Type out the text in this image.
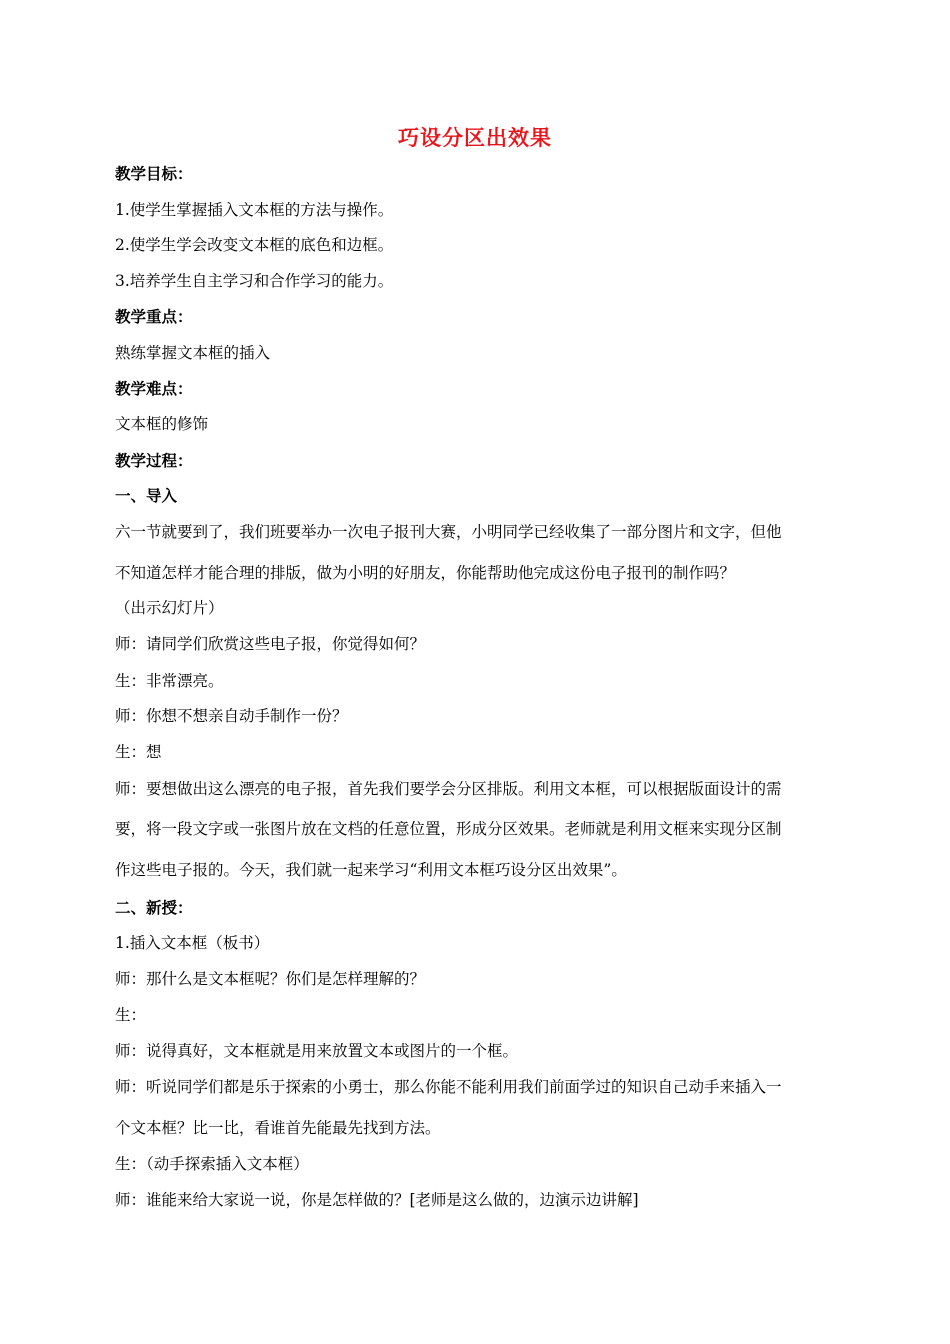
巧设分区出效果
教学目标：
1.使学生掌握插入文本框的方法与操作。
2.使学生学会改变文本框的底色和边框。
3.培养学生自主学习和合作学习的能力。
教学重点：
熟练掌握文本框的插入
教学难点：
文本框的修饰
教学过程：
一、导入
六一节就要到了，我们班要举办一次电子报刊大赛，小明同学已经收集了一部分图片和文字，但他
不知道怎样才能合理的排版，做为小明的好朋友，你能帮助他完成这份电子报刊的制作吗？
（出示幻灯片）
师：请同学们欣赏这些电子报，你觉得如何？
生：非常漂亮。
师：你想不想亲自动手制作一份？
生：想
师：要想做出这么漂亮的电子报，首先我们要学会分区排版。利用文本框，可以根据版面设计的需
要，将一段文字或一张图片放在文档的任意位置，形成分区效果。老师就是利用文框来实现分区制
作这些电子报的。今天，我们就一起来学习“利用文本框巧设分区出效果”。
二、新授：
1.插入文本框（板书）
师：那什么是文本框呢？你们是怎样理解的？
生：
师：说得真好，文本框就是用来放置文本或图片的一个框。
师：听说同学们都是乐于探索的小勇士，那么你能不能利用我们前面学过的知识自己动手来插入一
个文本框？比一比，看谁首先能最先找到方法。
生：（动手探索插入文本框）
师：谁能来给大家说一说，你是怎样做的？[老师是这么做的，边演示边讲解]
